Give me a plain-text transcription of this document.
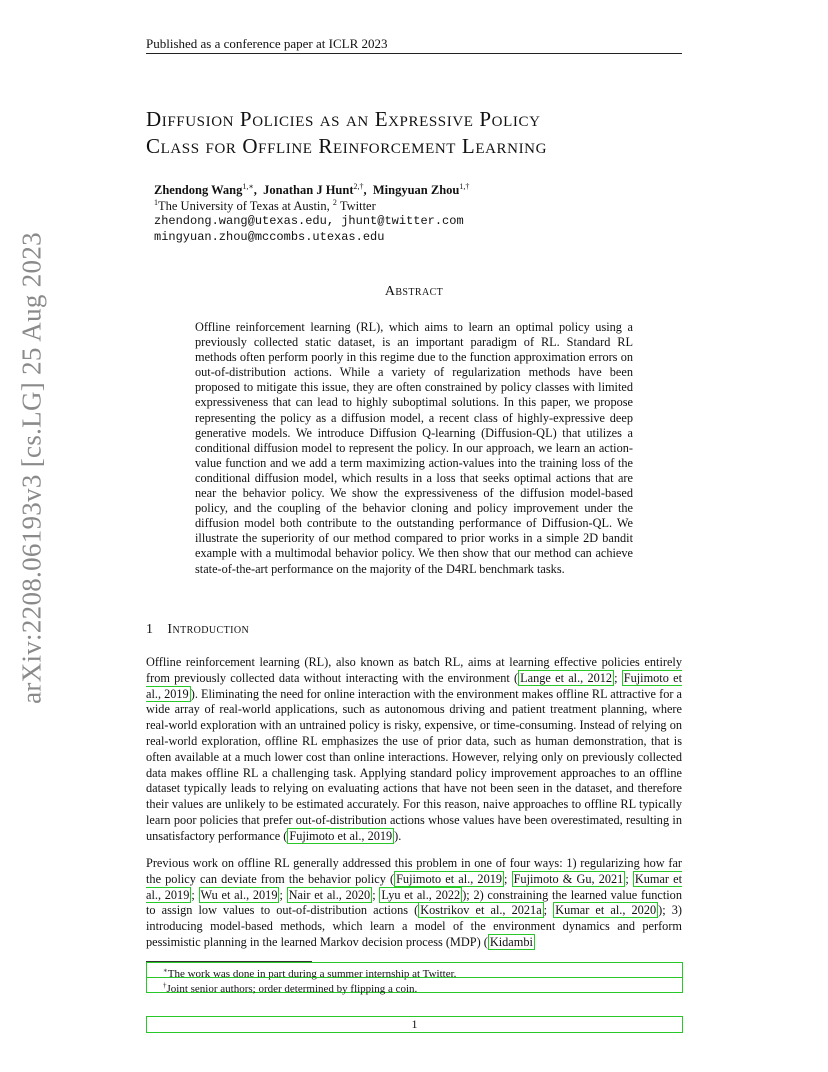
Published as a conference paper at ICLR 2023
arXiv:2208.06193v3 [cs.LG] 25 Aug 2023
Diffusion Policies as an Expressive Policy
Class for Offline Reinforcement Learning
Zhendong Wang$^{1,∗}$,  Jonathan J Hunt$^{2,\dagger}$,  Mingyuan Zhou$^{1,\dagger}$
$^1$The University of Texas at Austin, $^2$ Twitter
zhendong.wang@utexas.edu, jhunt@twitter.com
mingyuan.zhou@mccombs.utexas.edu
Abstract
Offline reinforcement learning (RL), which aims to learn an optimal policy using a previously collected static dataset, is an important paradigm of RL. Standard RL methods often perform poorly in this regime due to the function approximation errors on out-of-distribution actions. While a variety of regularization methods have been proposed to mitigate this issue, they are often constrained by policy classes with limited expressiveness that can lead to highly suboptimal solutions. In this paper, we propose representing the policy as a diffusion model, a recent class of highly-expressive deep generative models. We introduce Diffusion Q-learning (Diffusion-QL) that utilizes a conditional diffusion model to represent the policy. In our approach, we learn an action-value function and we add a term maximizing action-values into the training loss of the conditional diffusion model, which results in a loss that seeks optimal actions that are near the behavior policy. We show the expressiveness of the diffusion model-based policy, and the coupling of the behavior cloning and policy improvement under the diffusion model both contribute to the outstanding performance of Diffusion-QL. We illustrate the superiority of our method compared to prior works in a simple 2D bandit example with a multimodal behavior policy. We then show that our method can achieve state-of-the-art performance on the majority of the D4RL benchmark tasks.
1 Introduction
Offline reinforcement learning (RL), also known as batch RL, aims at learning effective policies entirely from previously collected data without interacting with the environment ( Lange et al., 2012 ; Fujimoto et al., 2019 ). Eliminating the need for online interaction with the environment makes offline RL attractive for a wide array of real-world applications, such as autonomous driving and patient treatment planning, where real-world exploration with an untrained policy is risky, expensive, or time-consuming. Instead of relying on real-world exploration, offline RL emphasizes the use of prior data, such as human demonstration, that is often available at a much lower cost than online interactions. However, relying only on previously collected data makes offline RL a challenging task. Applying standard policy improvement approaches to an offline dataset typically leads to relying on evaluating actions that have not been seen in the dataset, and therefore their values are unlikely to be estimated accurately. For this reason, naive approaches to offline RL typically learn poor policies that prefer out-of-distribution actions whose values have been overestimated, resulting in unsatisfactory performance ( Fujimoto et al., 2019 ).
Previous work on offline RL generally addressed this problem in one of four ways: 1) regularizing how far the policy can deviate from the behavior policy ( Fujimoto et al., 2019 ; Fujimoto & Gu, 2021 ; Kumar et al., 2019 ; Wu et al., 2019 ; Nair et al., 2020 ; Lyu et al., 2022 ); 2) constraining the learned value function to assign low values to out-of-distribution actions ( Kostrikov et al., 2021a ; Kumar et al., 2020 ); 3) introducing model-based methods, which learn a model of the environment dynamics and perform pessimistic planning in the learned Markov decision process (MDP) ( Kidambi
∗The work was done in part during a summer internship at Twitter.
†Joint senior authors; order determined by flipping a coin.
1
